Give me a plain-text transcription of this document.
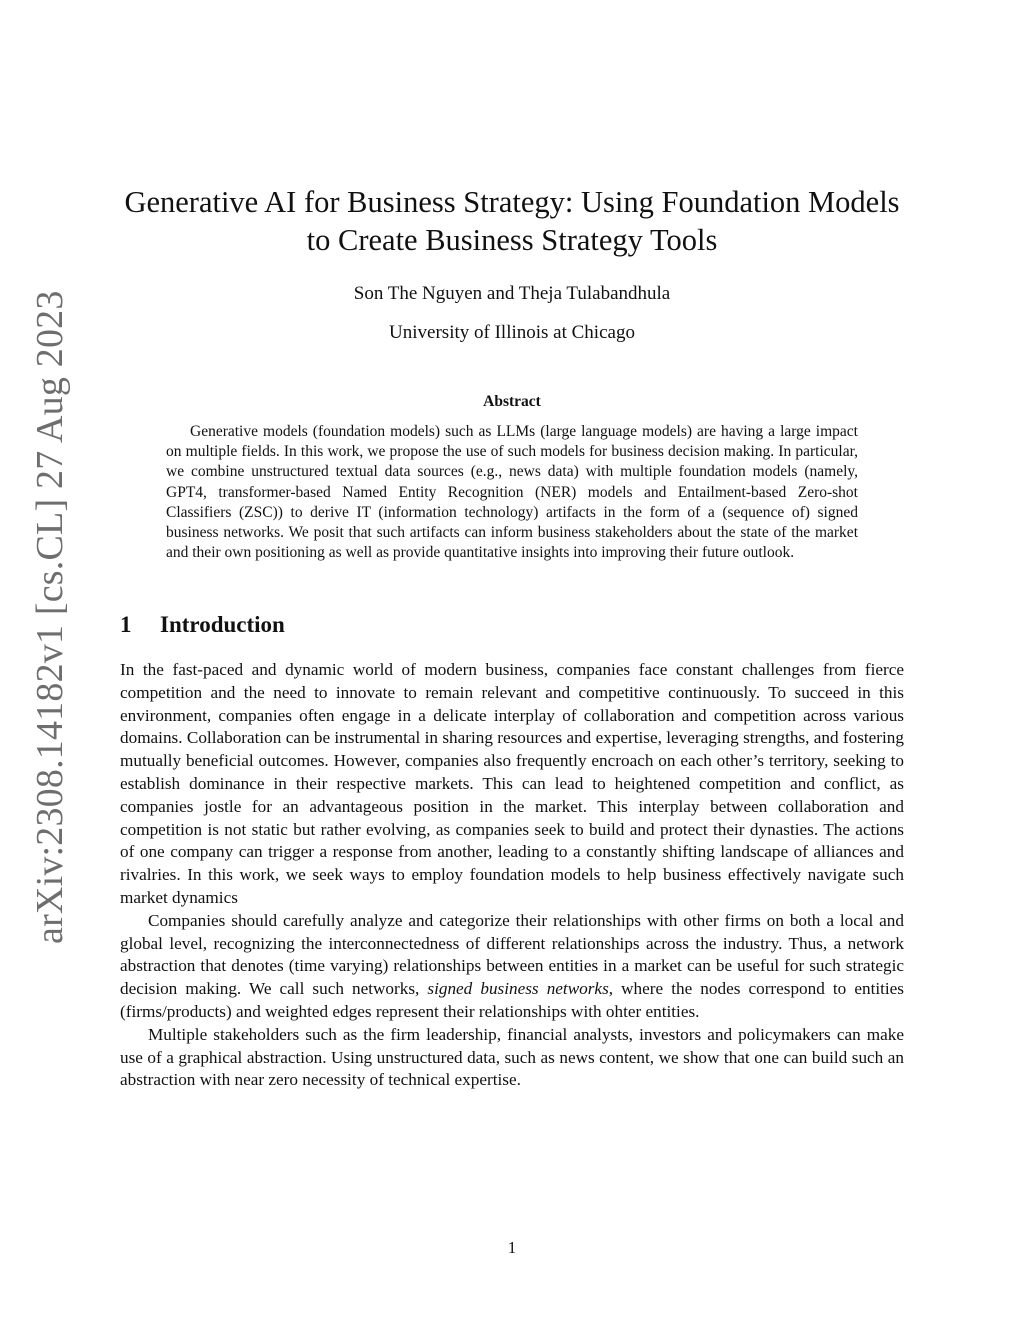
arXiv:2308.14182v1 [cs.CL] 27 Aug 2023
Generative AI for Business Strategy: Using Foundation Models to Create Business Strategy Tools
Son The Nguyen and Theja Tulabandhula
University of Illinois at Chicago
Abstract

Generative models (foundation models) such as LLMs (large language models) are having a large impact on multiple fields. In this work, we propose the use of such models for business decision making. In particular, we combine unstructured textual data sources (e.g., news data) with multiple foundation models (namely, GPT4, transformer-based Named Entity Recognition (NER) models and Entailment-based Zero-shot Classifiers (ZSC)) to derive IT (information technology) artifacts in the form of a (sequence of) signed business networks. We posit that such artifacts can inform business stakeholders about the state of the market and their own positioning as well as provide quantitative insights into improving their future outlook.

1 Introduction

In the fast-paced and dynamic world of modern business, companies face constant challenges from fierce competition and the need to innovate to remain relevant and competitive continuously. To succeed in this environment, companies often engage in a delicate interplay of collaboration and competition across various domains. Collaboration can be instrumental in sharing resources and expertise, leveraging strengths, and fostering mutually beneficial outcomes. However, companies also frequently encroach on each other’s territory, seeking to establish dominance in their respective markets. This can lead to heightened competition and conflict, as companies jostle for an advantageous position in the market. This interplay between collaboration and competition is not static but rather evolving, as companies seek to build and protect their dynasties. The actions of one company can trigger a response from another, leading to a constantly shifting landscape of alliances and rivalries. In this work, we seek ways to employ foundation models to help business effectively navigate such market dynamics

Companies should carefully analyze and categorize their relationships with other firms on both a local and global level, recognizing the interconnectedness of different relationships across the industry. Thus, a network abstraction that denotes (time varying) relationships between entities in a market can be useful for such strategic decision making. We call such networks, signed business networks, where the nodes correspond to entities (firms/products) and weighted edges represent their relationships with ohter entities.

Multiple stakeholders such as the firm leadership, financial analysts, investors and policymakers can make use of a graphical abstraction. Using unstructured data, such as news content, we show that one can build such an abstraction with near zero necessity of technical expertise.

1
